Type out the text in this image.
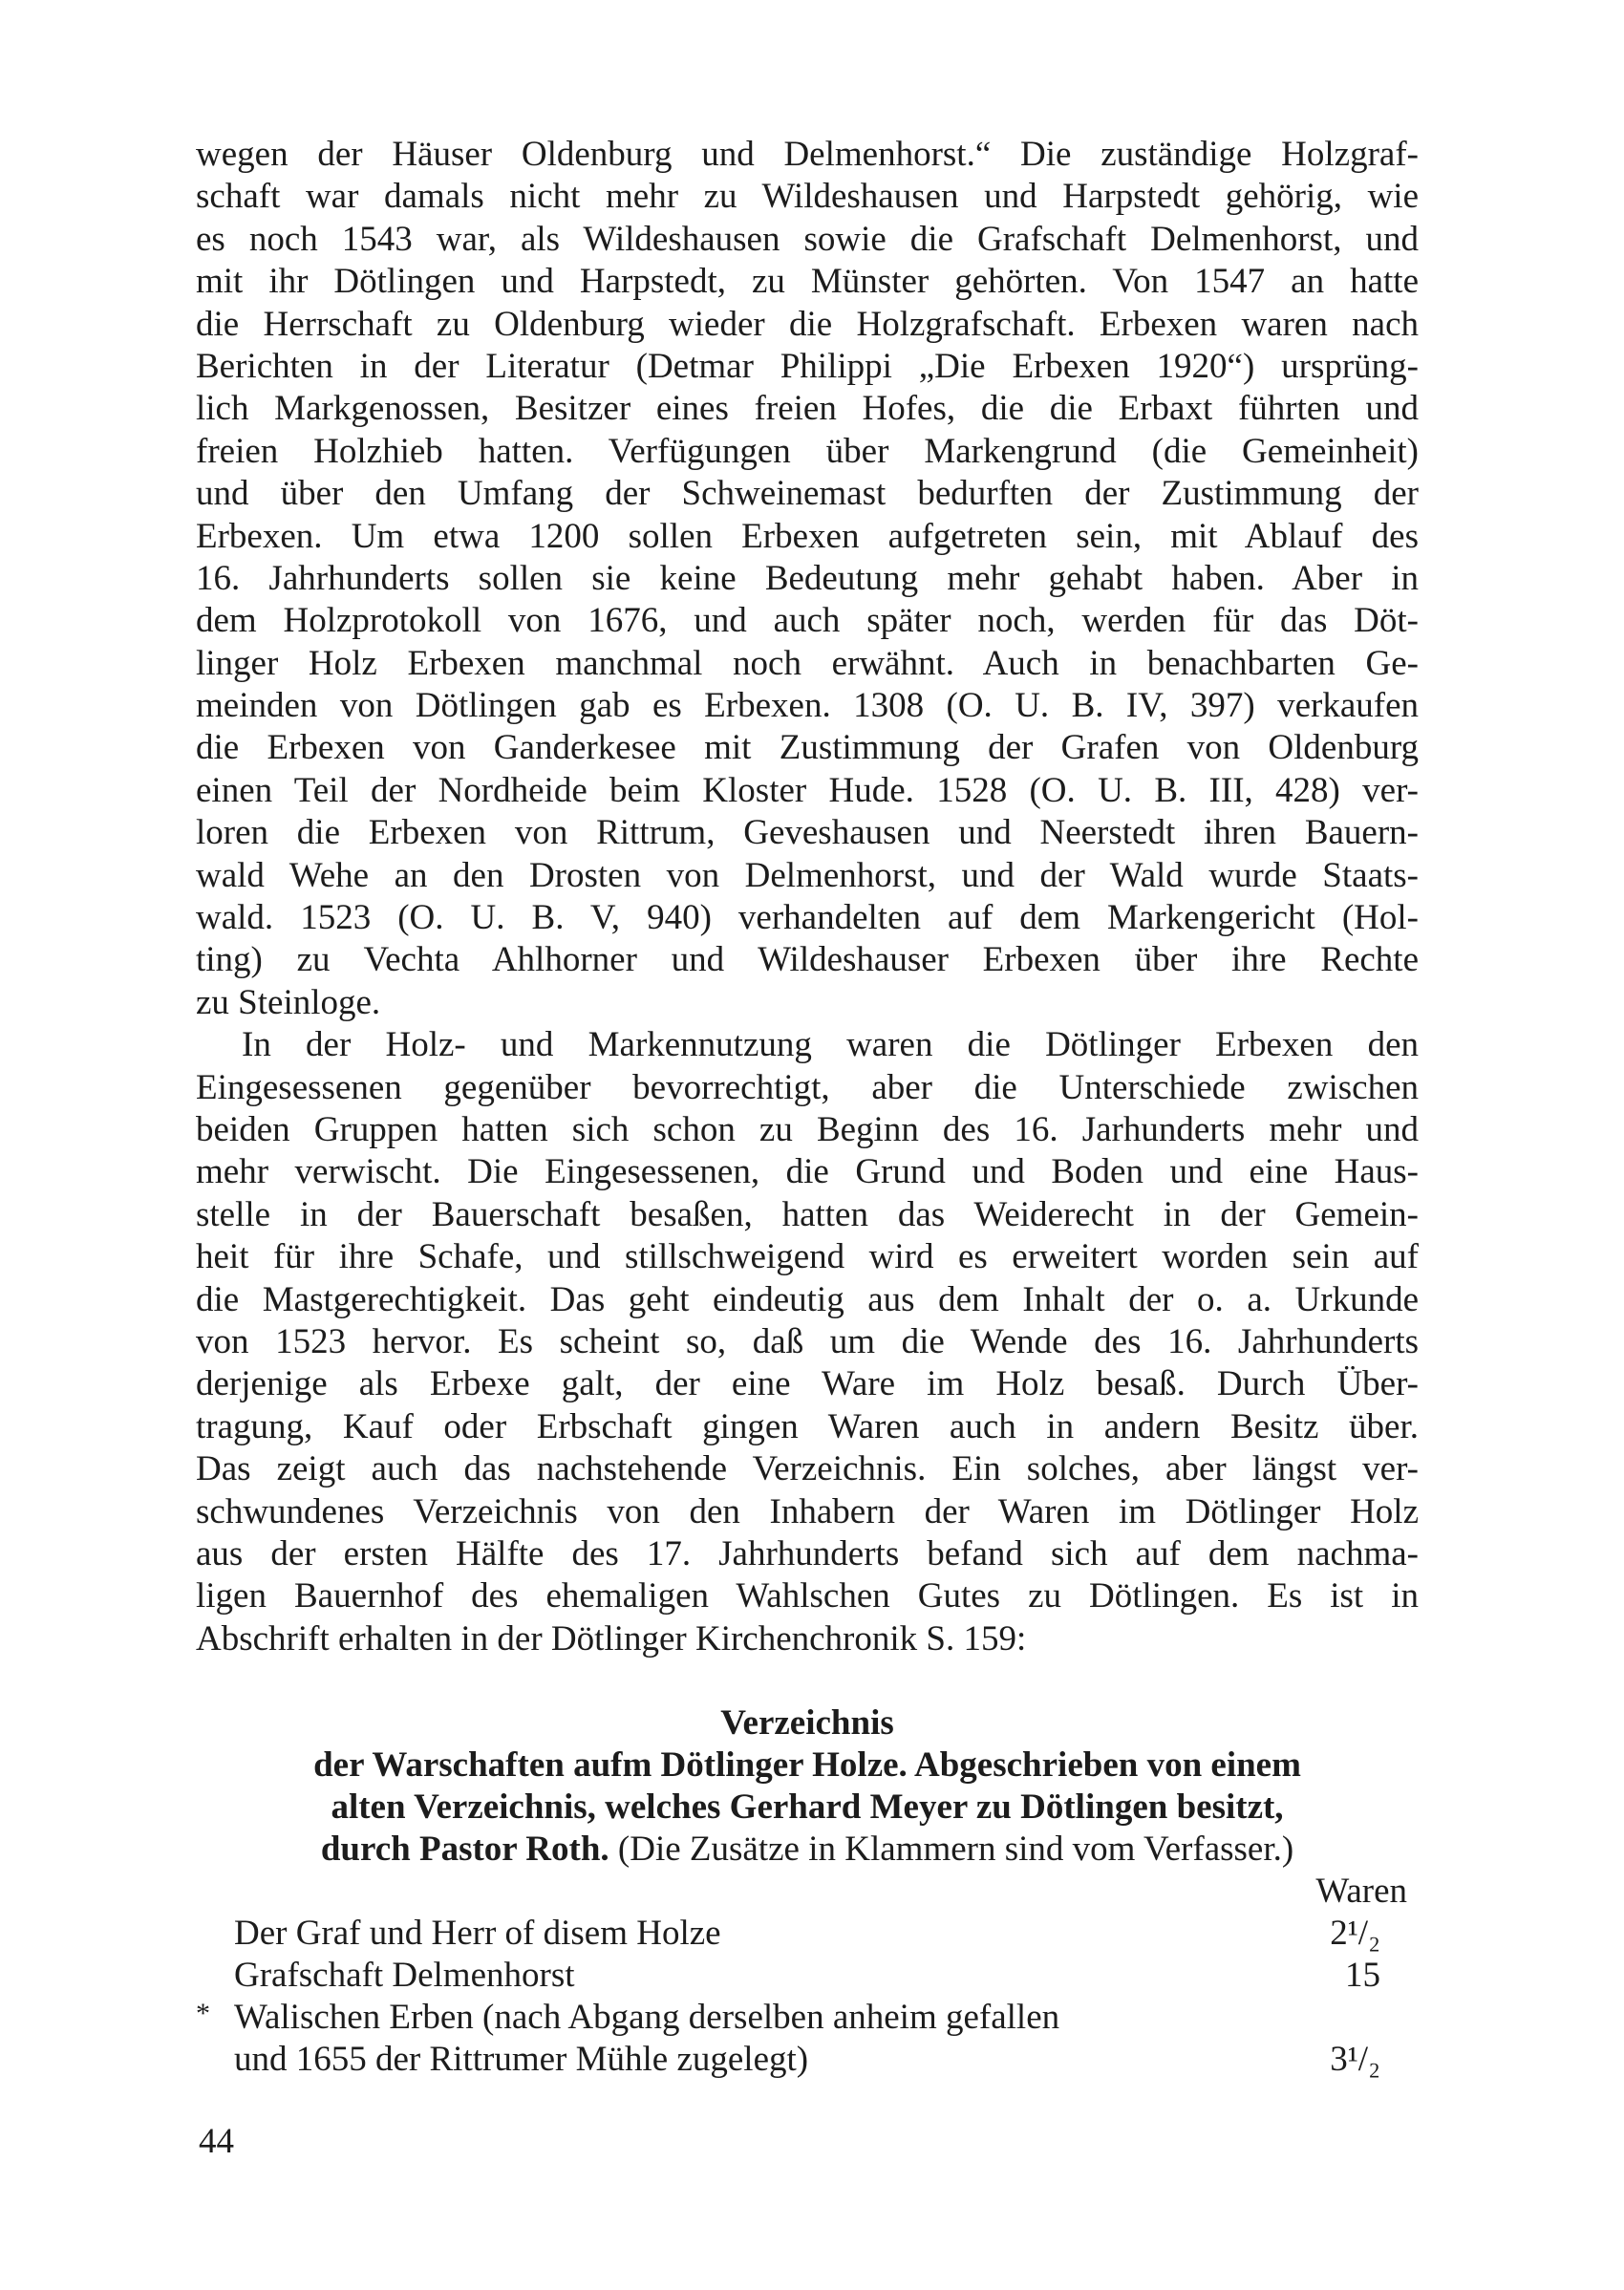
wegen der Häuser Oldenburg und Delmenhorst.“ Die zuständige Holzgraf-
schaft war damals nicht mehr zu Wildeshausen und Harpstedt gehörig, wie
es noch 1543 war, als Wildeshausen sowie die Grafschaft Delmenhorst, und
mit ihr Dötlingen und Harpstedt, zu Münster gehörten. Von 1547 an hatte
die Herrschaft zu Oldenburg wieder die Holzgrafschaft. Erbexen waren nach
Berichten in der Literatur (Detmar Philippi „Die Erbexen 1920“) ursprüng-
lich Markgenossen, Besitzer eines freien Hofes, die die Erbaxt führten und
freien Holzhieb hatten. Verfügungen über Markengrund (die Gemeinheit)
und über den Umfang der Schweinemast bedurften der Zustimmung der
Erbexen. Um etwa 1200 sollen Erbexen aufgetreten sein, mit Ablauf des
16. Jahrhunderts sollen sie keine Bedeutung mehr gehabt haben. Aber in
dem Holzprotokoll von 1676, und auch später noch, werden für das Döt-
linger Holz Erbexen manchmal noch erwähnt. Auch in benachbarten Ge-
meinden von Dötlingen gab es Erbexen. 1308 (O. U. B. IV, 397) verkaufen
die Erbexen von Ganderkesee mit Zustimmung der Grafen von Oldenburg
einen Teil der Nordheide beim Kloster Hude. 1528 (O. U. B. III, 428) ver-
loren die Erbexen von Rittrum, Geveshausen und Neerstedt ihren Bauern-
wald Wehe an den Drosten von Delmenhorst, und der Wald wurde Staats-
wald. 1523 (O. U. B. V, 940) verhandelten auf dem Markengericht (Hol-
ting) zu Vechta Ahlhorner und Wildeshauser Erbexen über ihre Rechte
zu Steinloge.
In der Holz- und Markennutzung waren die Dötlinger Erbexen den
Eingesessenen gegenüber bevorrechtigt, aber die Unterschiede zwischen
beiden Gruppen hatten sich schon zu Beginn des 16. Jarhunderts mehr und
mehr verwischt. Die Eingesessenen, die Grund und Boden und eine Haus-
stelle in der Bauerschaft besaßen, hatten das Weiderecht in der Gemein-
heit für ihre Schafe, und stillschweigend wird es erweitert worden sein auf
die Mastgerechtigkeit. Das geht eindeutig aus dem Inhalt der o. a. Urkunde
von 1523 hervor. Es scheint so, daß um die Wende des 16. Jahrhunderts
derjenige als Erbexe galt, der eine Ware im Holz besaß. Durch Über-
tragung, Kauf oder Erbschaft gingen Waren auch in andern Besitz über.
Das zeigt auch das nachstehende Verzeichnis. Ein solches, aber längst ver-
schwundenes Verzeichnis von den Inhabern der Waren im Dötlinger Holz
aus der ersten Hälfte des 17. Jahrhunderts befand sich auf dem nachma-
ligen Bauernhof des ehemaligen Wahlschen Gutes zu Dötlingen. Es ist in
Abschrift erhalten in der Dötlinger Kirchenchronik S. 159:
Verzeichnis
der Warschaften aufm Dötlinger Holze. Abgeschrieben von einem
alten Verzeichnis, welches Gerhard Meyer zu Dötlingen besitzt,
durch Pastor Roth. (Die Zusätze in Klammern sind vom Verfasser.)
Waren
Der Graf und Herr of disem Holze	2¹/₂
Grafschaft Delmenhorst	15
* Walischen Erben (nach Abgang derselben anheim gefallen
und 1655 der Rittrumer Mühle zugelegt)	3¹/₂
44
